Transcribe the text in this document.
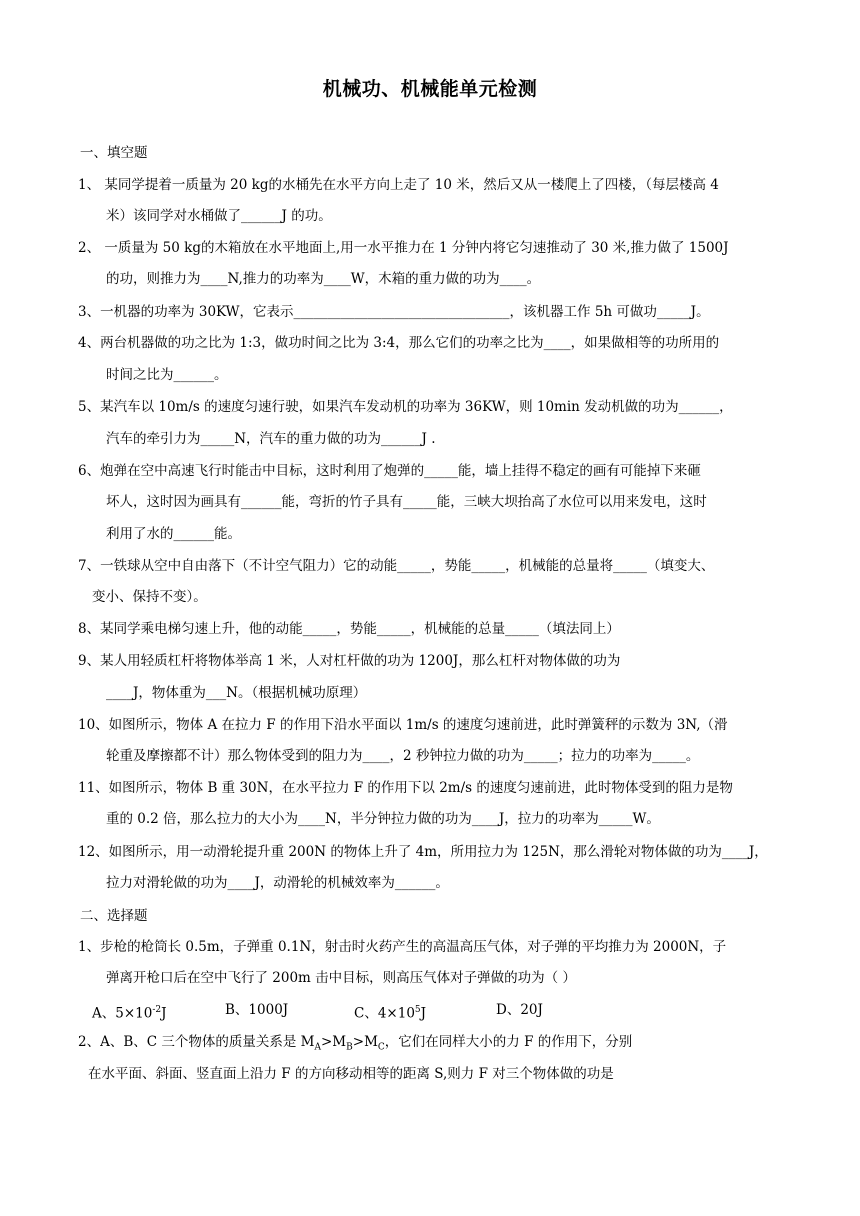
机械功、机械能单元检测
一、填空题
1、 某同学提着一质量为 20 kg的水桶先在水平方向上走了 10 米，然后又从一楼爬上了四楼，（每层楼高 4
米）该同学对水桶做了______J 的功。
2、 一质量为 50 kg的木箱放在水平地面上,用一水平推力在 1 分钟内将它匀速推动了 30 米,推力做了 1500J
的功，则推力为____N,推力的功率为____W，木箱的重力做的功为____。
3、一机器的功率为 30KW，它表示________________________________，该机器工作 5h 可做功_____J。
4、两台机器做的功之比为 1:3，做功时间之比为 3:4，那么它们的功率之比为____，如果做相等的功所用的
时间之比为______。
5、某汽车以 10m/s 的速度匀速行驶，如果汽车发动机的功率为 36KW，则 10min 发动机做的功为______，
汽车的牵引力为_____N，汽车的重力做的功为______J .
6、炮弹在空中高速飞行时能击中目标，这时利用了炮弹的_____能，墙上挂得不稳定的画有可能掉下来砸
坏人，这时因为画具有______能，弯折的竹子具有_____能，三峡大坝抬高了水位可以用来发电，这时
利用了水的______能。
7、一铁球从空中自由落下（不计空气阻力）它的动能_____，势能_____，机械能的总量将_____（填变大、
变小、保持不变）。
8、某同学乘电梯匀速上升，他的动能_____，势能_____，机械能的总量_____（填法同上）
9、某人用轻质杠杆将物体举高 1 米，人对杠杆做的功为 1200J，那么杠杆对物体做的功为
____J，物体重为___N。（根据机械功原理）
10、如图所示，物体 A 在拉力 F 的作用下沿水平面以 1m/s 的速度匀速前进，此时弹簧秤的示数为 3N,（滑
轮重及摩擦都不计）那么物体受到的阻力为____，2 秒钟拉力做的功为_____；拉力的功率为_____。
11、如图所示，物体 B 重 30N，在水平拉力 F 的作用下以 2m/s 的速度匀速前进，此时物体受到的阻力是物
重的 0.2 倍，那么拉力的大小为____N，半分钟拉力做的功为____J，拉力的功率为_____W。
12、如图所示，用一动滑轮提升重 200N 的物体上升了 4m，所用拉力为 125N，那么滑轮对物体做的功为____J，
拉力对滑轮做的功为____J，动滑轮的机械效率为______。
二、选择题
1、步枪的枪筒长 0.5m，子弹重 0.1N，射击时火药产生的高温高压气体，对子弹的平均推力为 2000N，子
弹离开枪口后在空中飞行了 200m 击中目标，则高压气体对子弹做的功为（ ）
A、$5\times 10^{-2}J$	B、1000J	C、$4\times 10^5J$	D、20J
2、A、B、C 三个物体的质量关系是 $M_A>M_B>M_C$，它们在同样大小的力 F 的作用下，分别
在水平面、斜面、竖直面上沿力 F 的方向移动相等的距离 S,则力 F 对三个物体做的功是
